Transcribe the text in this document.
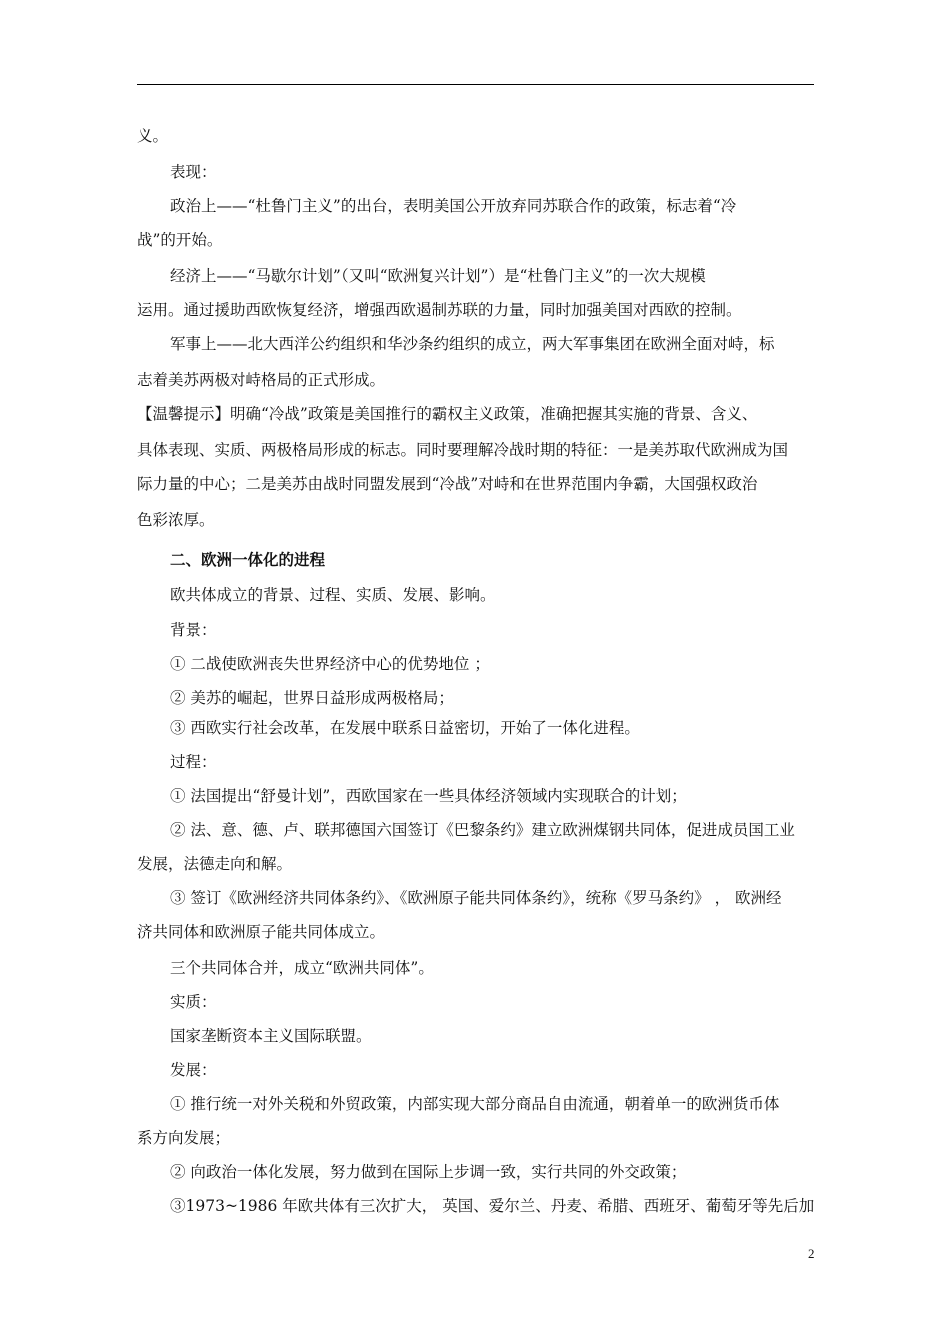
义。
表现：
政治上——“杜鲁门主义”的出台，表明美国公开放弃同苏联合作的政策，标志着“冷
战”的开始。
经济上——“马歇尔计划”（又叫“欧洲复兴计划”）是“杜鲁门主义”的一次大规模
运用。通过援助西欧恢复经济，增强西欧遏制苏联的力量，同时加强美国对西欧的控制。
军事上——北大西洋公约组织和华沙条约组织的成立，两大军事集团在欧洲全面对峙，标
志着美苏两极对峙格局的正式形成。
【温馨提示】明确“冷战”政策是美国推行的霸权主义政策，准确把握其实施的背景、含义、
具体表现、实质、两极格局形成的标志。同时要理解冷战时期的特征：一是美苏取代欧洲成为国
际力量的中心；二是美苏由战时同盟发展到“冷战”对峙和在世界范围内争霸，大国强权政治
色彩浓厚。
二、欧洲一体化的进程
欧共体成立的背景、过程、实质、发展、影响。
背景：
① 二战使欧洲丧失世界经济中心的优势地位 ；
② 美苏的崛起，世界日益形成两极格局；
③ 西欧实行社会改革，在发展中联系日益密切，开始了一体化进程。
过程：
① 法国提出“舒曼计划”，西欧国家在一些具体经济领域内实现联合的计划；
② 法、意、德、卢、联邦德国六国签订《巴黎条约》建立欧洲煤钢共同体，促进成员国工业
发展，法德走向和解。
③ 签订《欧洲经济共同体条约》、《欧洲原子能共同体条约》，统称《罗马条约》 ， 欧洲经
济共同体和欧洲原子能共同体成立。
三个共同体合并，成立“欧洲共同体”。
实质：
国家垄断资本主义国际联盟。
发展：
① 推行统一对外关税和外贸政策，内部实现大部分商品自由流通，朝着单一的欧洲货币体
系方向发展；
② 向政治一体化发展，努力做到在国际上步调一致，实行共同的外交政策；
③1973~1986 年欧共体有三次扩大， 英国、爱尔兰、丹麦、希腊、西班牙、葡萄牙等先后加
2
